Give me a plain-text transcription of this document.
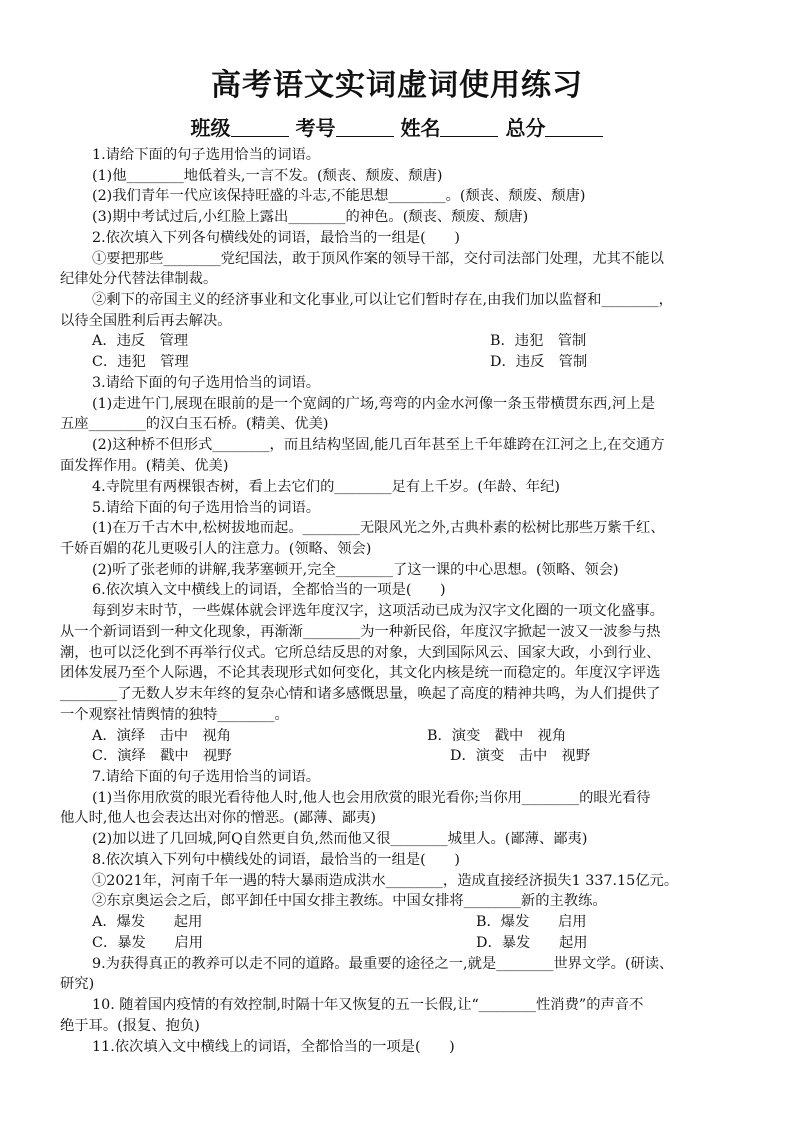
高考语文实词虚词使用练习
班级	考号	姓名	总分
1.请给下面的句子选用恰当的词语。
(1)他________地低着头,一言不发。(颓丧、颓废、颓唐)
(2)我们青年一代应该保持旺盛的斗志,不能思想________。(颓丧、颓废、颓唐)
(3)期中考试过后,小红脸上露出________的神色。(颓丧、颓废、颓唐)
2.依次填入下列各句横线处的词语，最恰当的一组是(　　)
①要把那些________党纪国法，敢于顶风作案的领导干部，交付司法部门处理，尤其不能以
纪律处分代替法律制裁。
②剩下的帝国主义的经济事业和文化事业,可以让它们暂时存在,由我们加以监督和________，
以待全国胜利后再去解决。
A．违反　管理	B．违犯　管制
C．违犯　管理	D．违反　管制
3.请给下面的句子选用恰当的词语。
(1)走进午门,展现在眼前的是一个宽阔的广场,弯弯的内金水河像一条玉带横贯东西,河上是
五座________的汉白玉石桥。(精美、优美)
(2)这种桥不但形式________，而且结构坚固,能几百年甚至上千年雄跨在江河之上,在交通方
面发挥作用。(精美、优美)
4.寺院里有两棵银杏树，看上去它们的________足有上千岁。(年龄、年纪)
5.请给下面的句子选用恰当的词语。
(1)在万千古木中,松树拔地而起。________无限风光之外,古典朴素的松树比那些万紫千红、
千娇百媚的花儿更吸引人的注意力。(领略、领会)
(2)听了张老师的讲解,我茅塞顿开,完全________了这一课的中心思想。(领略、领会)
6.依次填入文中横线上的词语，全都恰当的一项是(　　)
每到岁末时节，一些媒体就会评选年度汉字，这项活动已成为汉字文化圈的一项文化盛事。
从一个新词语到一种文化现象，再渐渐________为一种新民俗，年度汉字掀起一波又一波参与热
潮，也可以泛化到不再举行仪式。它所总结反思的对象，大到国际风云、国家大政，小到行业、
团体发展乃至个人际遇，不论其表现形式如何变化，其文化内核是统一而稳定的。年度汉字评选
________了无数人岁末年终的复杂心情和诸多感慨思量，唤起了高度的精神共鸣，为人们提供了
一个观察社情舆情的独特________。
A．演绎　击中　视角	B．演变　戳中　视角
C．演绎　戳中　视野	D．演变　击中　视野
7.请给下面的句子选用恰当的词语。
(1)当你用欣赏的眼光看待他人时,他人也会用欣赏的眼光看你;当你用________的眼光看待
他人时,他人也会表达出对你的憎恶。(鄙薄、鄙夷)
(2)加以进了几回城,阿Q自然更自负,然而他又很________城里人。(鄙薄、鄙夷)
8.依次填入下列句中横线处的词语，最恰当的一组是(　　)
①2021年，河南千年一遇的特大暴雨造成洪水________，造成直接经济损失1 337.15亿元。
②东京奥运会之后，郎平卸任中国女排主教练。中国女排将________新的主教练。
A．爆发　　起用	B．爆发　　启用
C．暴发　　启用	D．暴发　　起用
9.为获得真正的教养可以走不同的道路。最重要的途径之一,就是________世界文学。(研读、
研究)
10. 随着国内疫情的有效控制,时隔十年又恢复的五一长假,让“________性消费”的声音不
绝于耳。(报复、抱负)
11.依次填入文中横线上的词语，全都恰当的一项是(　　)
